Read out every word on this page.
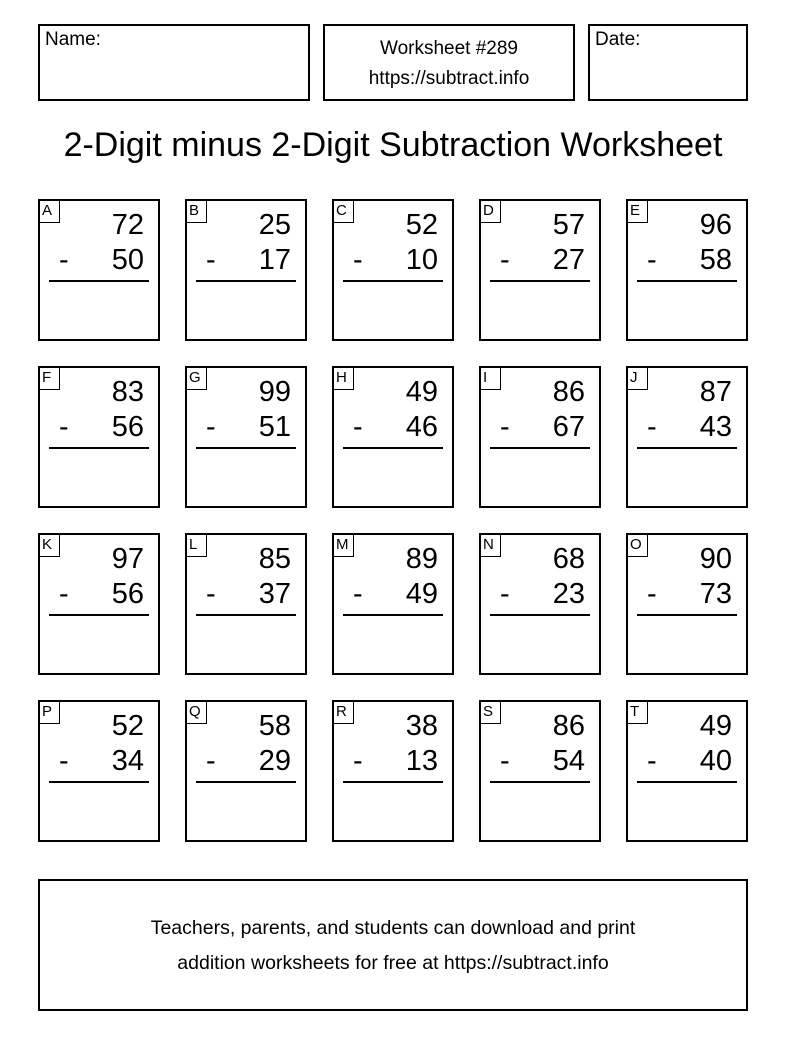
Name:	Worksheet #289
https://subtract.info
Date:
2-Digit minus 2-Digit Subtraction Worksheet
A 72
- 50
B 25
- 17
C 52
- 10
D 57
- 27
E 96
- 58
F	83
- 56
G 99
- 51
H 49
- 46
I	86
- 67
J	87
- 43
K 97
- 56
L	85
- 37
M 89
- 49
N 68
- 23
O 90
- 73
P 52
- 34
Q 58
- 29
R 38
- 13
S 86
- 54
T	49
- 40
Teachers, parents, and students can download and print
addition worksheets for free at https://subtract.info
